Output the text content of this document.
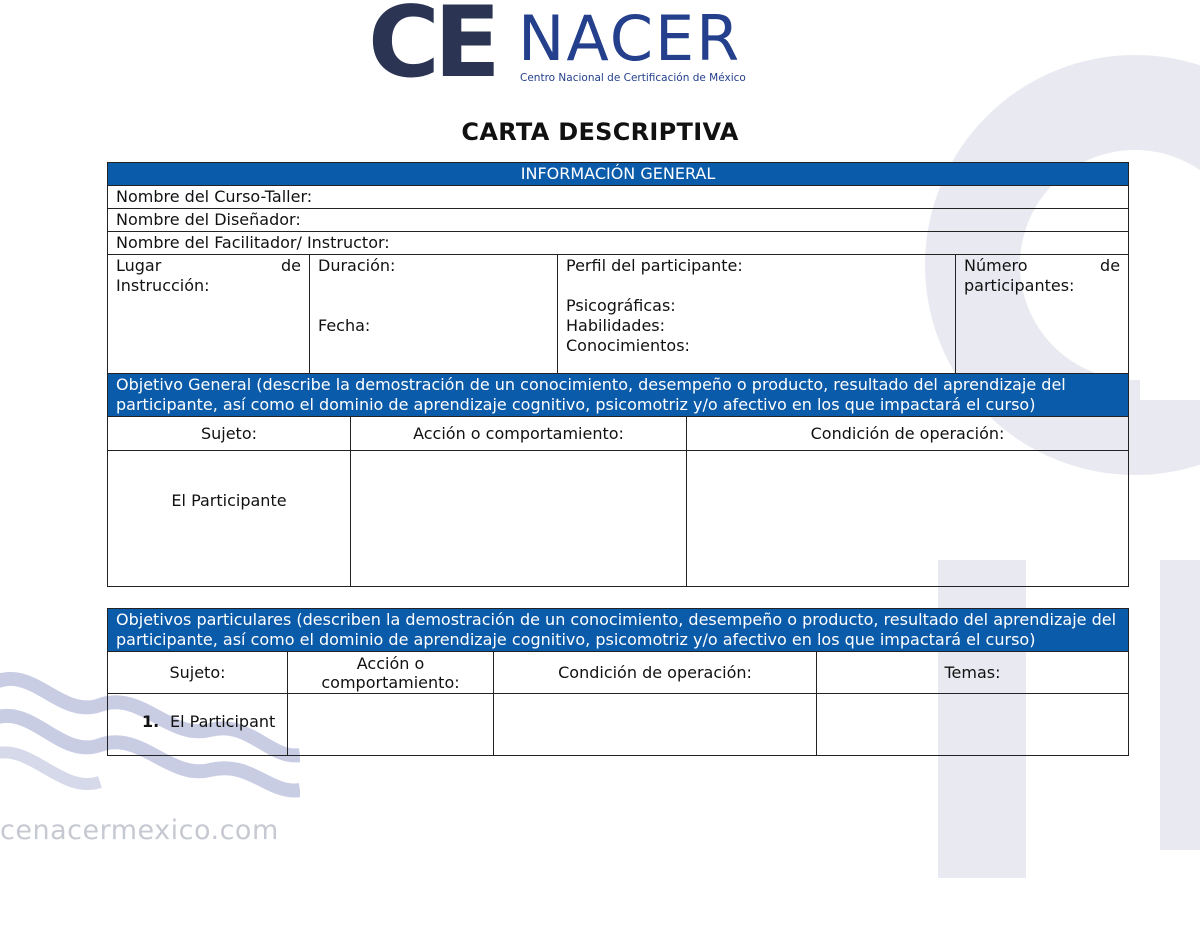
cenacermexico.com
CE NACER
Centro Nacional de Certificación de México
CARTA DESCRIPTIVA
INFORMACIÓN GENERAL
Nombre del Curso-Taller:
Nombre del Diseñador:
Nombre del Facilitador/ Instructor:

Lugar de
Instrucción:

Duración:
Fecha:

Perfil del participante:
Psicográficas:
Habilidades:
Conocimientos:

Número de
participantes:
Objetivo General (describe la demostración de un conocimiento, desempeño o producto, resultado del aprendizaje del participante, así como el dominio de aprendizaje cognitivo, psicomotriz y/o afectivo en los que impactará el curso)		
Sujeto:	Acción o comportamiento:	Condición de operación:
El Participante		
Objetivos particulares (describen la demostración de un conocimiento, desempeño o producto, resultado del aprendizaje del participante, así como el dominio de aprendizaje cognitivo, psicomotriz y/o afectivo en los que impactará el curso)			
Sujeto:	Acción o comportamiento:	Condición de operación:	Temas:

1. El Participant			
